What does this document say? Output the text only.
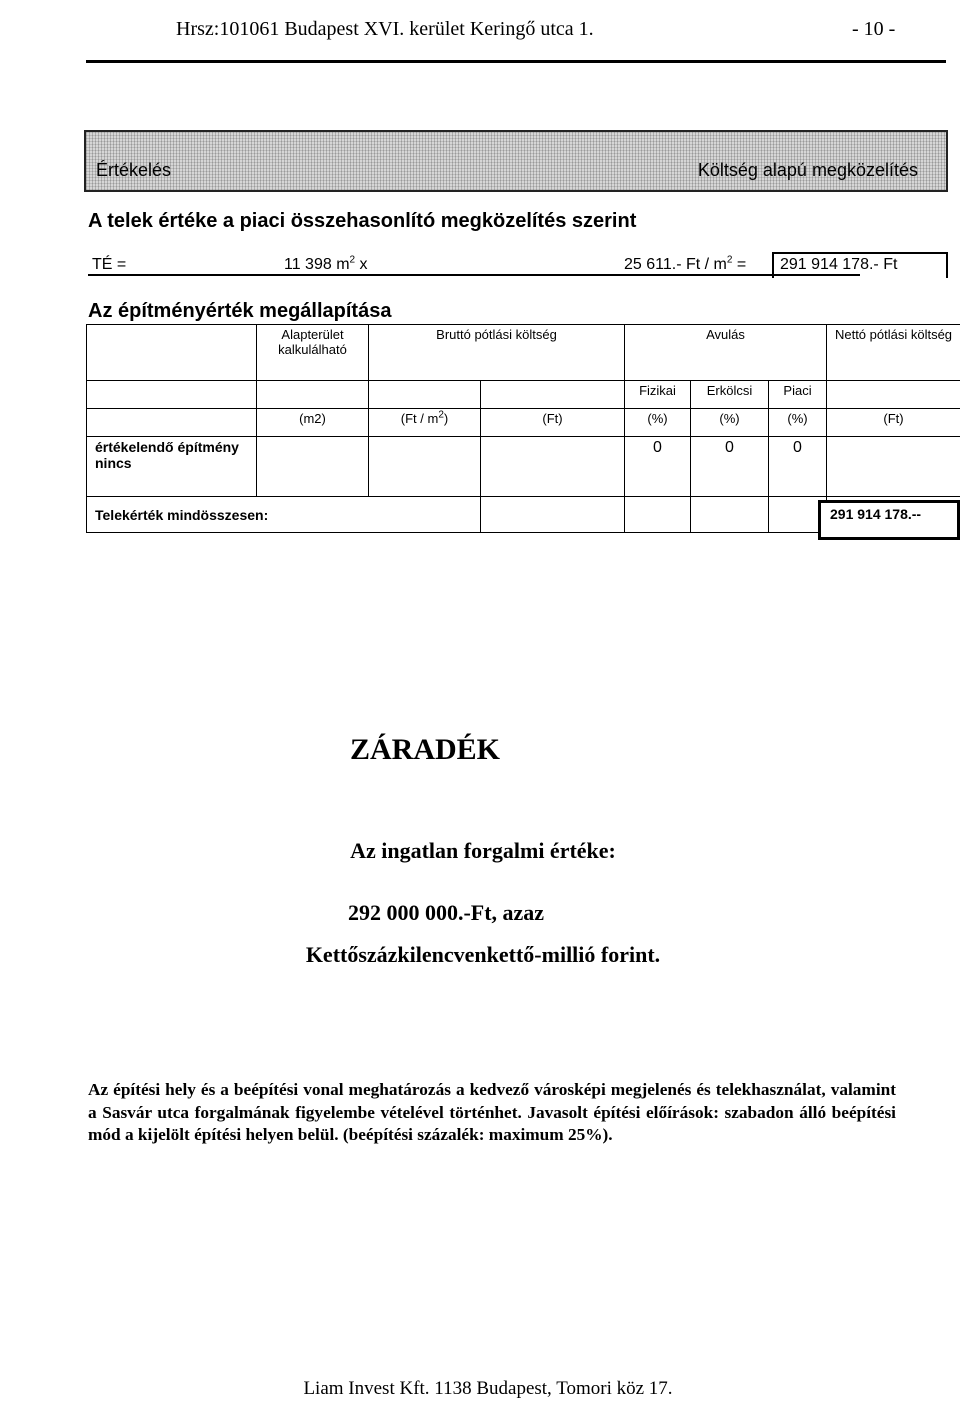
Hrsz:101061 Budapest XVI. kerület Keringő utca 1.	- 10 -
Értékelés	Költség alapú megközelítés
A telek értéke a piaci összehasonlító megközelítés szerint
TÉ =	11 398 $m^2$ x	25 611.- $Ft / m^2 = 291$ 914 178.- Ft
Az építményérték megállapítása
	Alapterület kalkulálható	Bruttó pótlási költség		Avulás			Nettó pótlási költség
				Fizikai	Erkölcsi	Piaci	
	(m2)	$(Ft / m^2)$	(Ft)	(%)	(%)	(%)	(Ft)
értékelendő építmény nincs				0	0	0	
Telekérték mindösszesen:								291 914 178.--
ZÁRADÉK
Az ingatlan forgalmi értéke:
292 000 000.-Ft, azaz
Kettőszázkilencvenkettő-millió forint.
Az építési hely és a beépítési vonal meghatározás a kedvező városképi megjelenés és telekhasználat, valamint a Sasvár utca forgalmának figyelembe vételével történhet. Javasolt építési előírások: szabadon álló beépítési mód a kijelölt építési helyen belül. (beépítési százalék: maximum 25%).
Liam Invest Kft. 1138 Budapest, Tomori köz 17.
